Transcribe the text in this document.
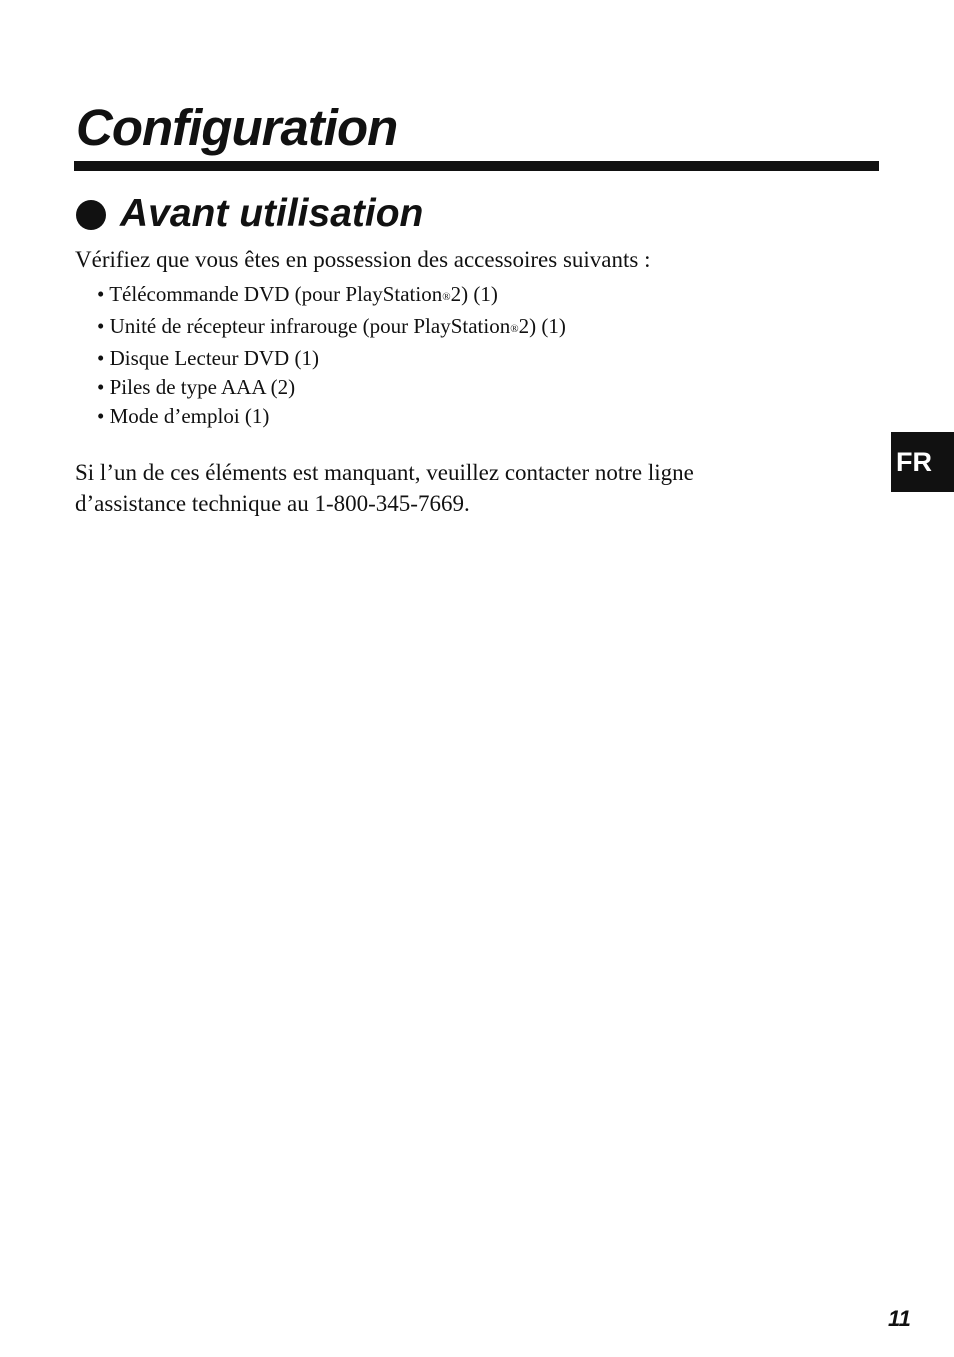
Configuration
Avant utilisation

Vérifiez que vous êtes en possession des accessoires suivants :

• Télécommande DVD (pour PlayStation®2) (1)
• Unité de récepteur infrarouge (pour PlayStation®2) (1)
• Disque Lecteur DVD (1)
• Piles de type AAA (2)
• Mode d’emploi (1)

Si l’un de ces éléments est manquant, veuillez contacter notre ligne
d’assistance technique au 1-800-345-7669.

FR
11
